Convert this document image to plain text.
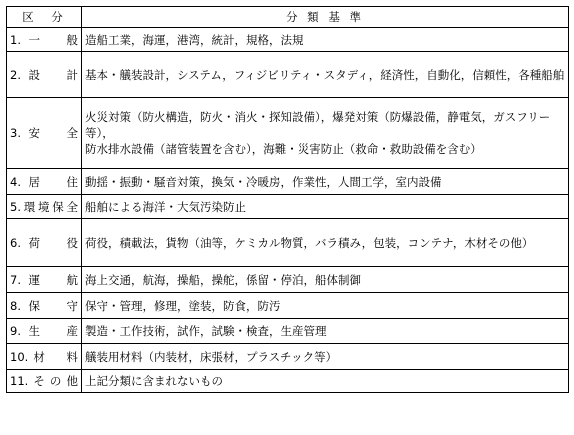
区　分	分 類 基 準
1.一　般	造船工業，海運，港湾，統計，規格，法規

2.設　計	基本・艤装設計，システム，フィジビリティ・スタディ，経済性，自動化，信頼性，各種船舶

3.安　全	火災対策（防火構造，防火・消火・探知設備），爆発対策（防爆設備，静電気，ガスフリー等），
防水排水設備（諸管装置を含む），海難・災害防止（救命・救助設備を含む）

4.居　住	動揺・振動・騒音対策，換気・冷暖房，作業性，人間工学，室内設備

5.環境保全	船舶による海洋・大気汚染防止

6.荷　役	荷役，積載法，貨物（油等，ケミカル物質，バラ積み，包装，コンテナ，木材その他）

7.運　航	海上交通，航海，操船，操舵，係留・停泊，船体制御

8.保　守	保守・管理，修理，塗装，防食，防汚

9.生　産	製造・工作技術，試作，試験・検査，生産管理

10.材　料	艤装用材料（内装材，床張材，プラスチック等）

11.その他	上記分類に含まれないもの
